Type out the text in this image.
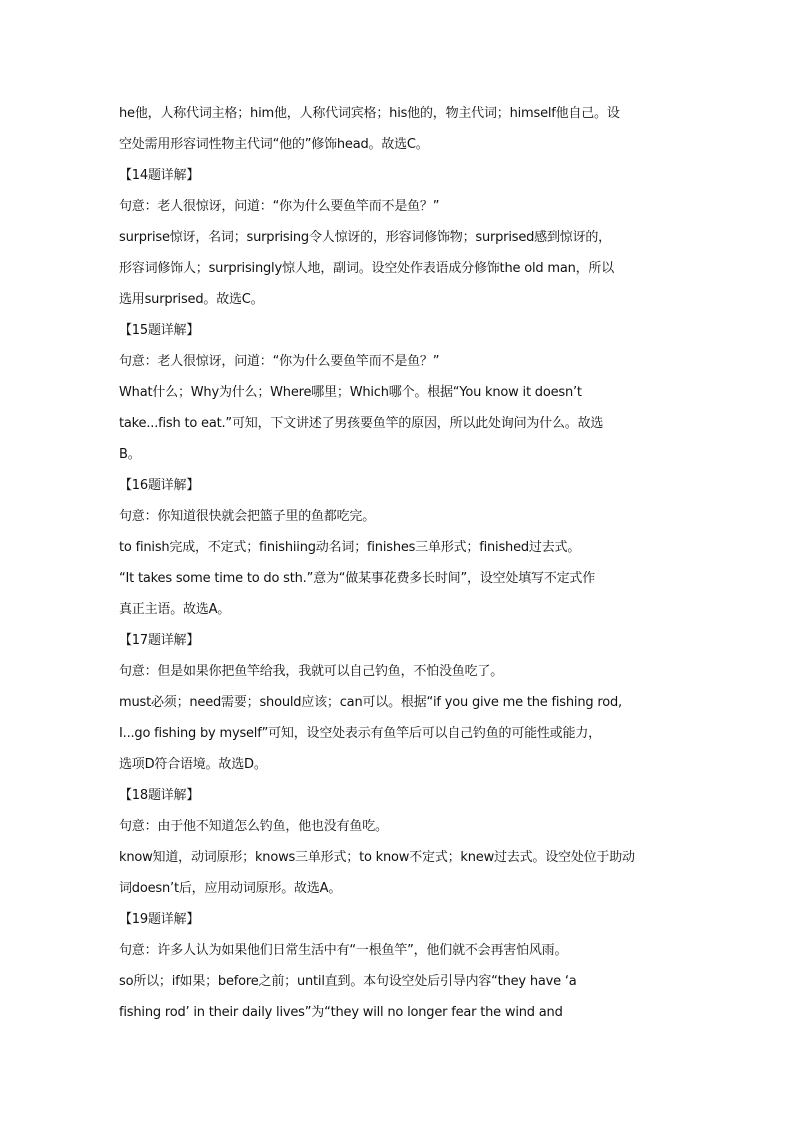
he他，人称代词主格；him他，人称代词宾格；his他的，物主代词；himself他自己。设
空处需用形容词性物主代词“他的”修饰head。故选C。
【14题详解】
句意：老人很惊讶，问道：“你为什么要鱼竿而不是鱼？”
surprise惊讶，名词；surprising令人惊讶的，形容词修饰物；surprised感到惊讶的，
形容词修饰人；surprisingly惊人地，副词。设空处作表语成分修饰the old man，所以
选用surprised。故选C。
【15题详解】
句意：老人很惊讶，问道：“你为什么要鱼竿而不是鱼？”
What什么；Why为什么；Where哪里；Which哪个。根据“You know it doesn’t
take...fish to eat.”可知，下文讲述了男孩要鱼竿的原因，所以此处询问为什么。故选
B。
【16题详解】
句意：你知道很快就会把篮子里的鱼都吃完。
to finish完成，不定式；finishiing动名词；finishes三单形式；finished过去式。
“It takes some time to do sth.”意为“做某事花费多长时间”，设空处填写不定式作
真正主语。故选A。
【17题详解】
句意：但是如果你把鱼竿给我，我就可以自己钓鱼，不怕没鱼吃了。
must必须；need需要；should应该；can可以。根据“if you give me the fishing rod,
I...go fishing by myself”可知，设空处表示有鱼竿后可以自己钓鱼的可能性或能力，
选项D符合语境。故选D。
【18题详解】
句意：由于他不知道怎么钓鱼，他也没有鱼吃。
know知道，动词原形；knows三单形式；to know不定式；knew过去式。设空处位于助动
词doesn’t后，应用动词原形。故选A。
【19题详解】
句意：许多人认为如果他们日常生活中有“一根鱼竿”，他们就不会再害怕风雨。
so所以；if如果；before之前；until直到。本句设空处后引导内容“they have ‘a
fishing rod’ in their daily lives”为“they will no longer fear the wind and
